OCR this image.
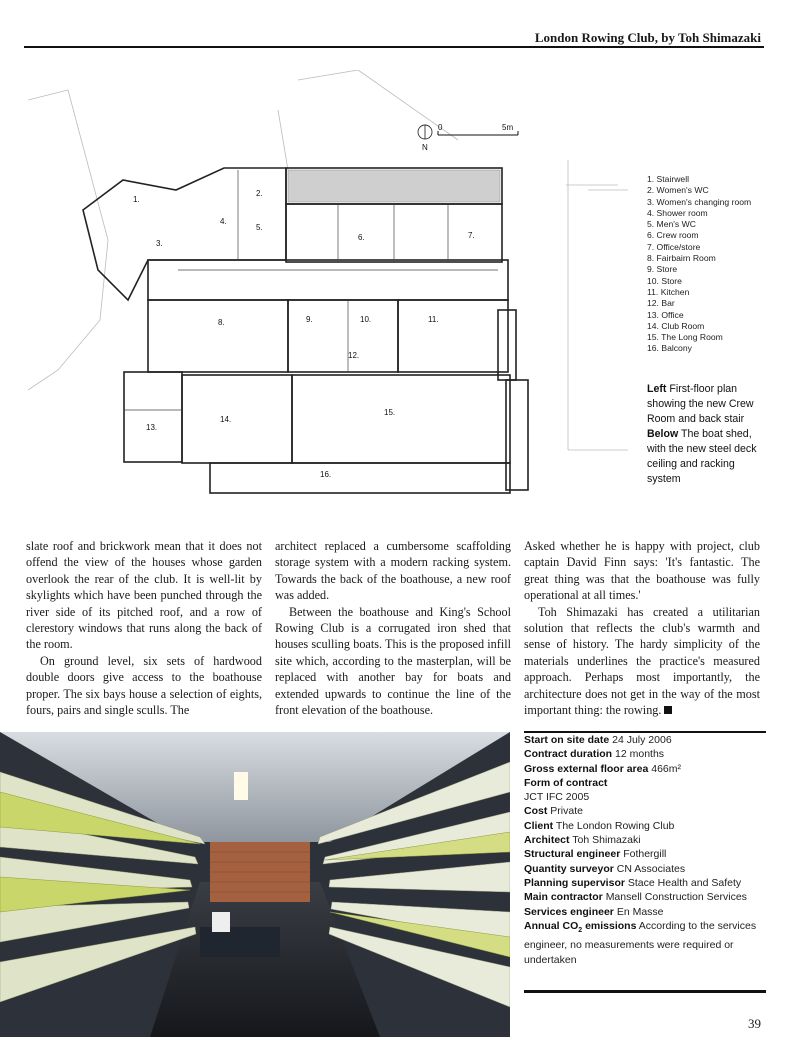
London Rowing Club, by Toh Shimazaki
0	5m
N
1.
2.
3.
4.
5.
6.	7.
8.	9.	10.	11.
12.
13.
14.
15.
16.
1. Stairwell
2. Women's WC
3. Women's changing room
4. Shower room
5. Men's WC
6. Crew room
7. Office/store
8. Fairbairn Room
9. Store
10. Store
11. Kitchen
12. Bar
13. Office
14. Club Room
15. The Long Room
16. Balcony
Left First-floor plan showing the new Crew Room and back stair
Below The boat shed, with the new steel deck ceiling and racking system

slate roof and brickwork mean that it does not offend the view of the houses whose garden overlook the rear of the club. It is well-lit by skylights which have been punched through the river side of its pitched roof, and a row of clerestory windows that runs along the back of the room.

On ground level, six sets of hardwood double doors give access to the boathouse proper. The six bays house a selection of eights, fours, pairs and single sculls. The

architect replaced a cumbersome scaffolding storage system with a modern racking system. Towards the back of the boathouse, a new roof was added.

Between the boathouse and King's School Rowing Club is a corrugated iron shed that houses sculling boats. This is the proposed infill site which, according to the masterplan, will be replaced with another bay for boats and extended upwards to continue the line of the front elevation of the boathouse.

Asked whether he is happy with project, club captain David Finn says: 'It's fantastic. The great thing was that the boathouse was fully operational at all times.'

Toh Shimazaki has created a utilitarian solution that reflects the club's warmth and sense of history. The hardy simplicity of the materials underlines the practice's measured approach. Perhaps most importantly, the architecture does not get in the way of the most important thing: the rowing.

Start on site date 24 July 2006
Contract duration 12 months
Gross external floor area 466m²
Form of contract
JCT IFC 2005
Cost Private
Client The London Rowing Club
Architect Toh Shimazaki
Structural engineer Fothergill
Quantity surveyor CN Associates
Planning supervisor Stace Health and Safety
Main contractor Mansell Construction Services
Services engineer En Masse
Annual $CO_2$ emissions According to the services engineer, no measurements were required or undertaken
39
